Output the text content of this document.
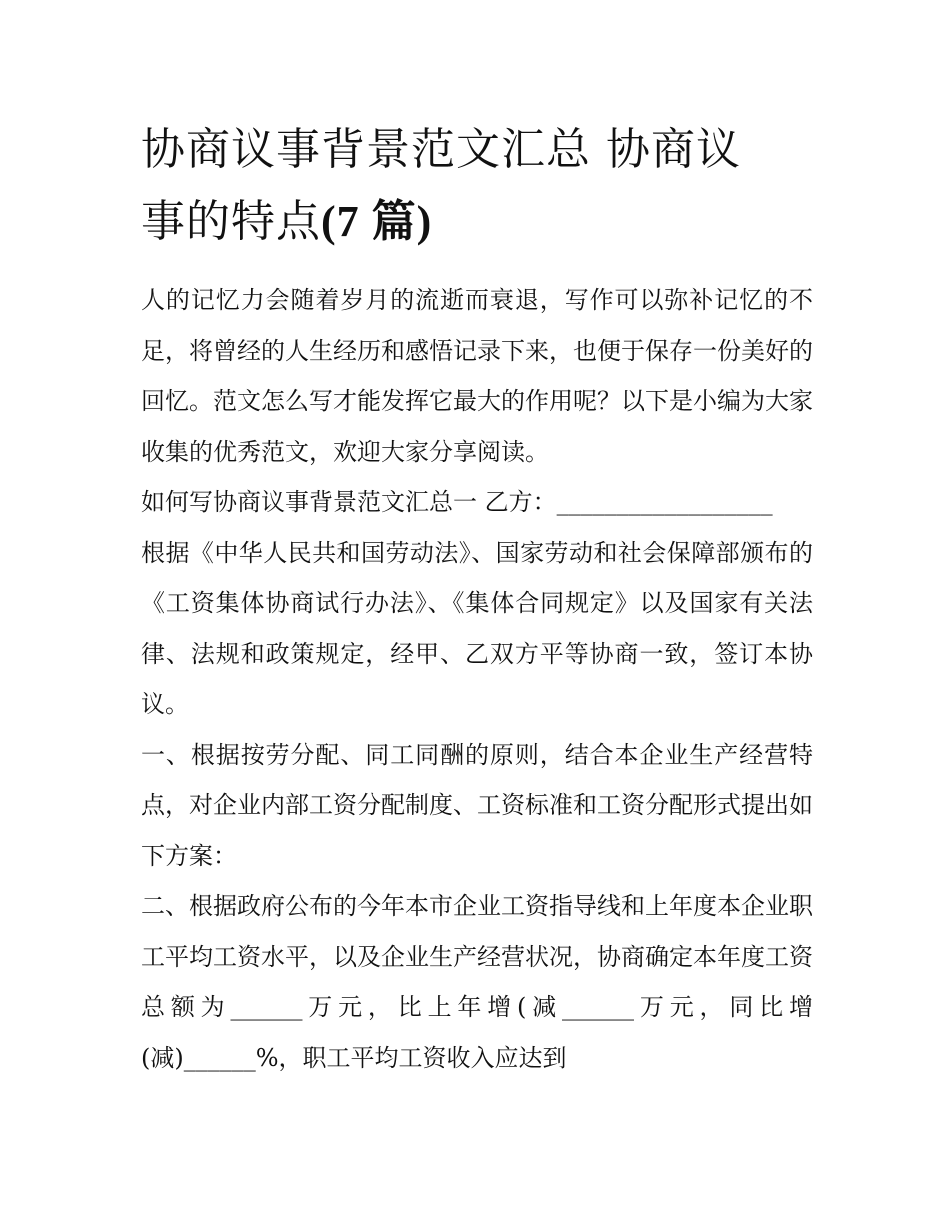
协商议事背景范文汇总 协商议
事的特点(7 篇)

人的记忆力会随着岁月的流逝而衰退，写作可以弥补记忆的不足，将曾经的人生经历和感悟记录下来，也便于保存一份美好的回忆。范文怎么写才能发挥它最大的作用呢？以下是小编为大家收集的优秀范文，欢迎大家分享阅读。

如何写协商议事背景范文汇总一 乙方：__________________

根据《中华人民共和国劳动法》、国家劳动和社会保障部颁布的《工资集体协商试行办法》、《集体合同规定》以及国家有关法律、法规和政策规定，经甲、乙双方平等协商一致，签订本协议。

一、根据按劳分配、同工同酬的原则，结合本企业生产经营特点，对企业内部工资分配制度、工资标准和工资分配形式提出如下方案：

二、根据政府公布的今年本市企业工资指导线和上年度本企业职工平均工资水平，以及企业生产经营状况，协商确定本年度工资总额为______万元，比上年增(减______万元，同比增(减)______%，职工平均工资收入应达到
